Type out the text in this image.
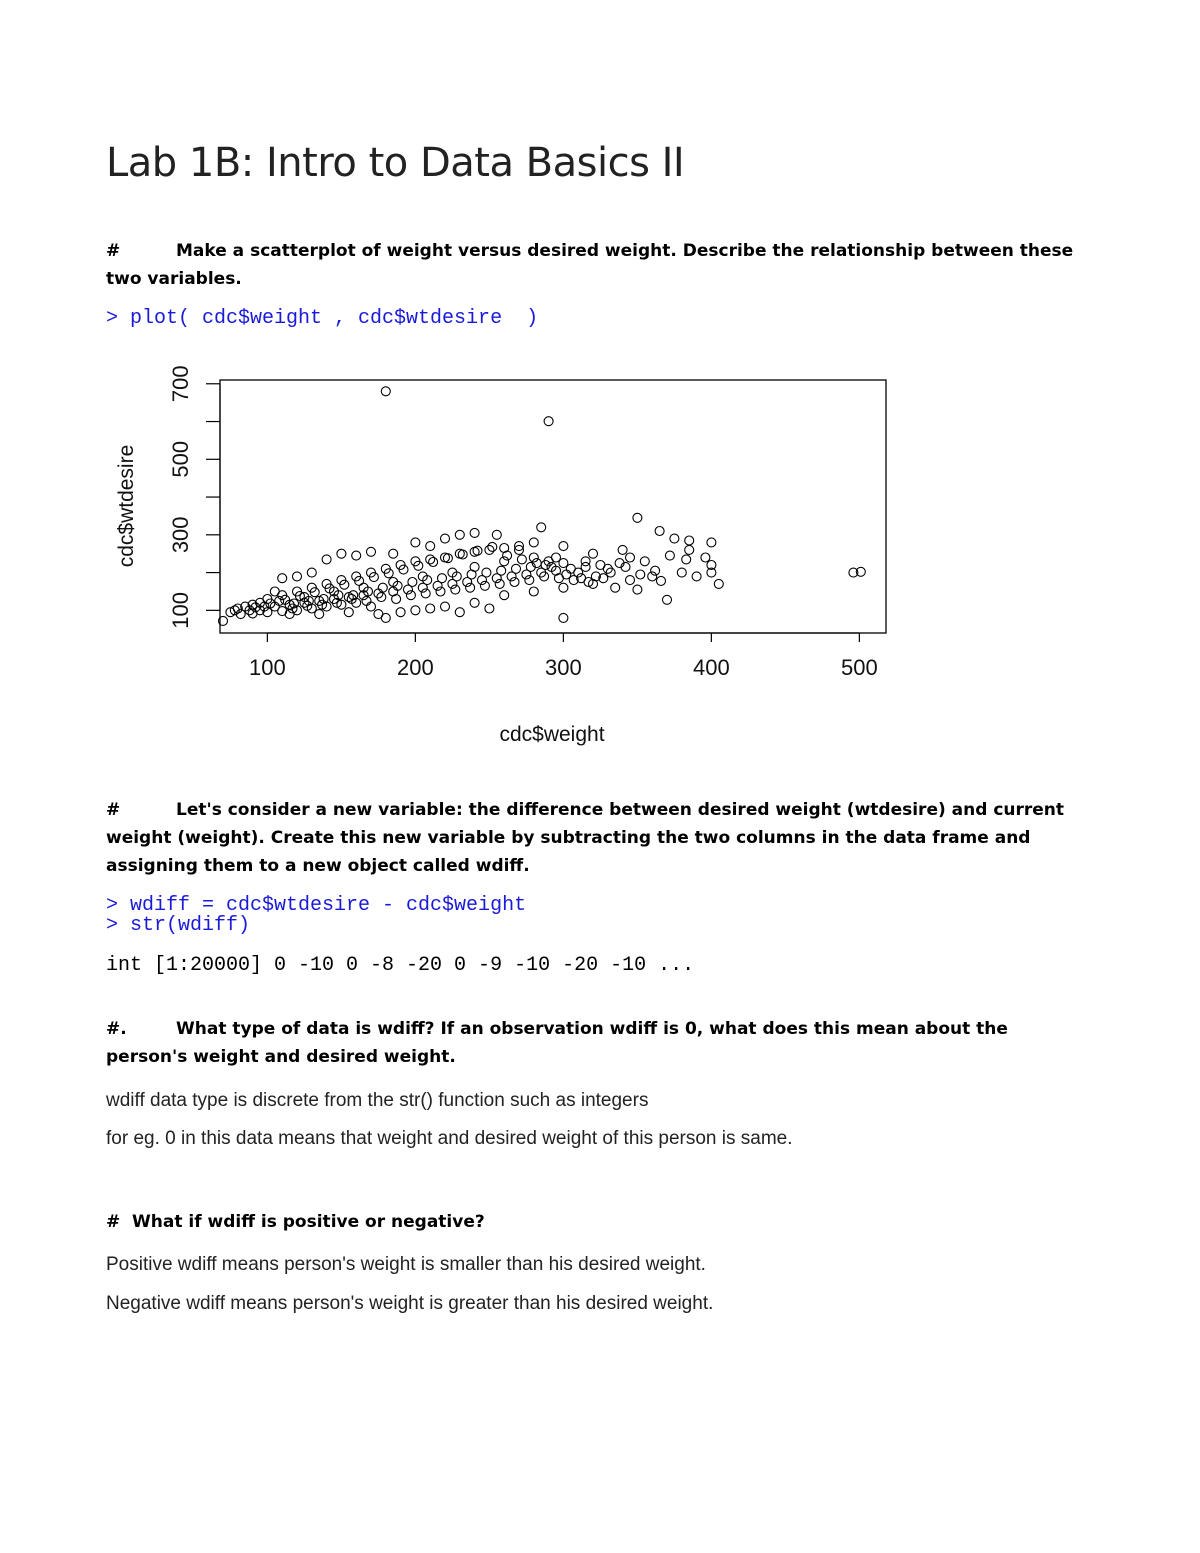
Lab 1B: Intro to Data Basics II

#	Make a scatterplot of weight versus desired weight. Describe the relationship between these two variables.

> plot( cdc$weight , cdc$wtdesire  )
100	200	300	400	500
100
300
500
700
cdc$weight
cdc$wtdesire

#	Let's consider a new variable: the difference between desired weight (wtdesire) and current weight (weight). Create this new variable by subtracting the two columns in the data frame and assigning them to a new object called wdiff.

> wdiff = cdc$wtdesire - cdc$weight
> str(wdiff)
int [1:20000] 0 -10 0 -8 -20 0 -9 -10 -20 -10 ...

#.	What type of data is wdiff? If an observation wdiff is 0, what does this mean about the person's weight and desired weight.

wdiff data type is discrete from the str() function such as integers

for eg. 0 in this data means that weight and desired weight of this person is same.

# What if wdiff is positive or negative?

Positive wdiff means person's weight is smaller than his desired weight.

Negative wdiff means person's weight is greater than his desired weight.
